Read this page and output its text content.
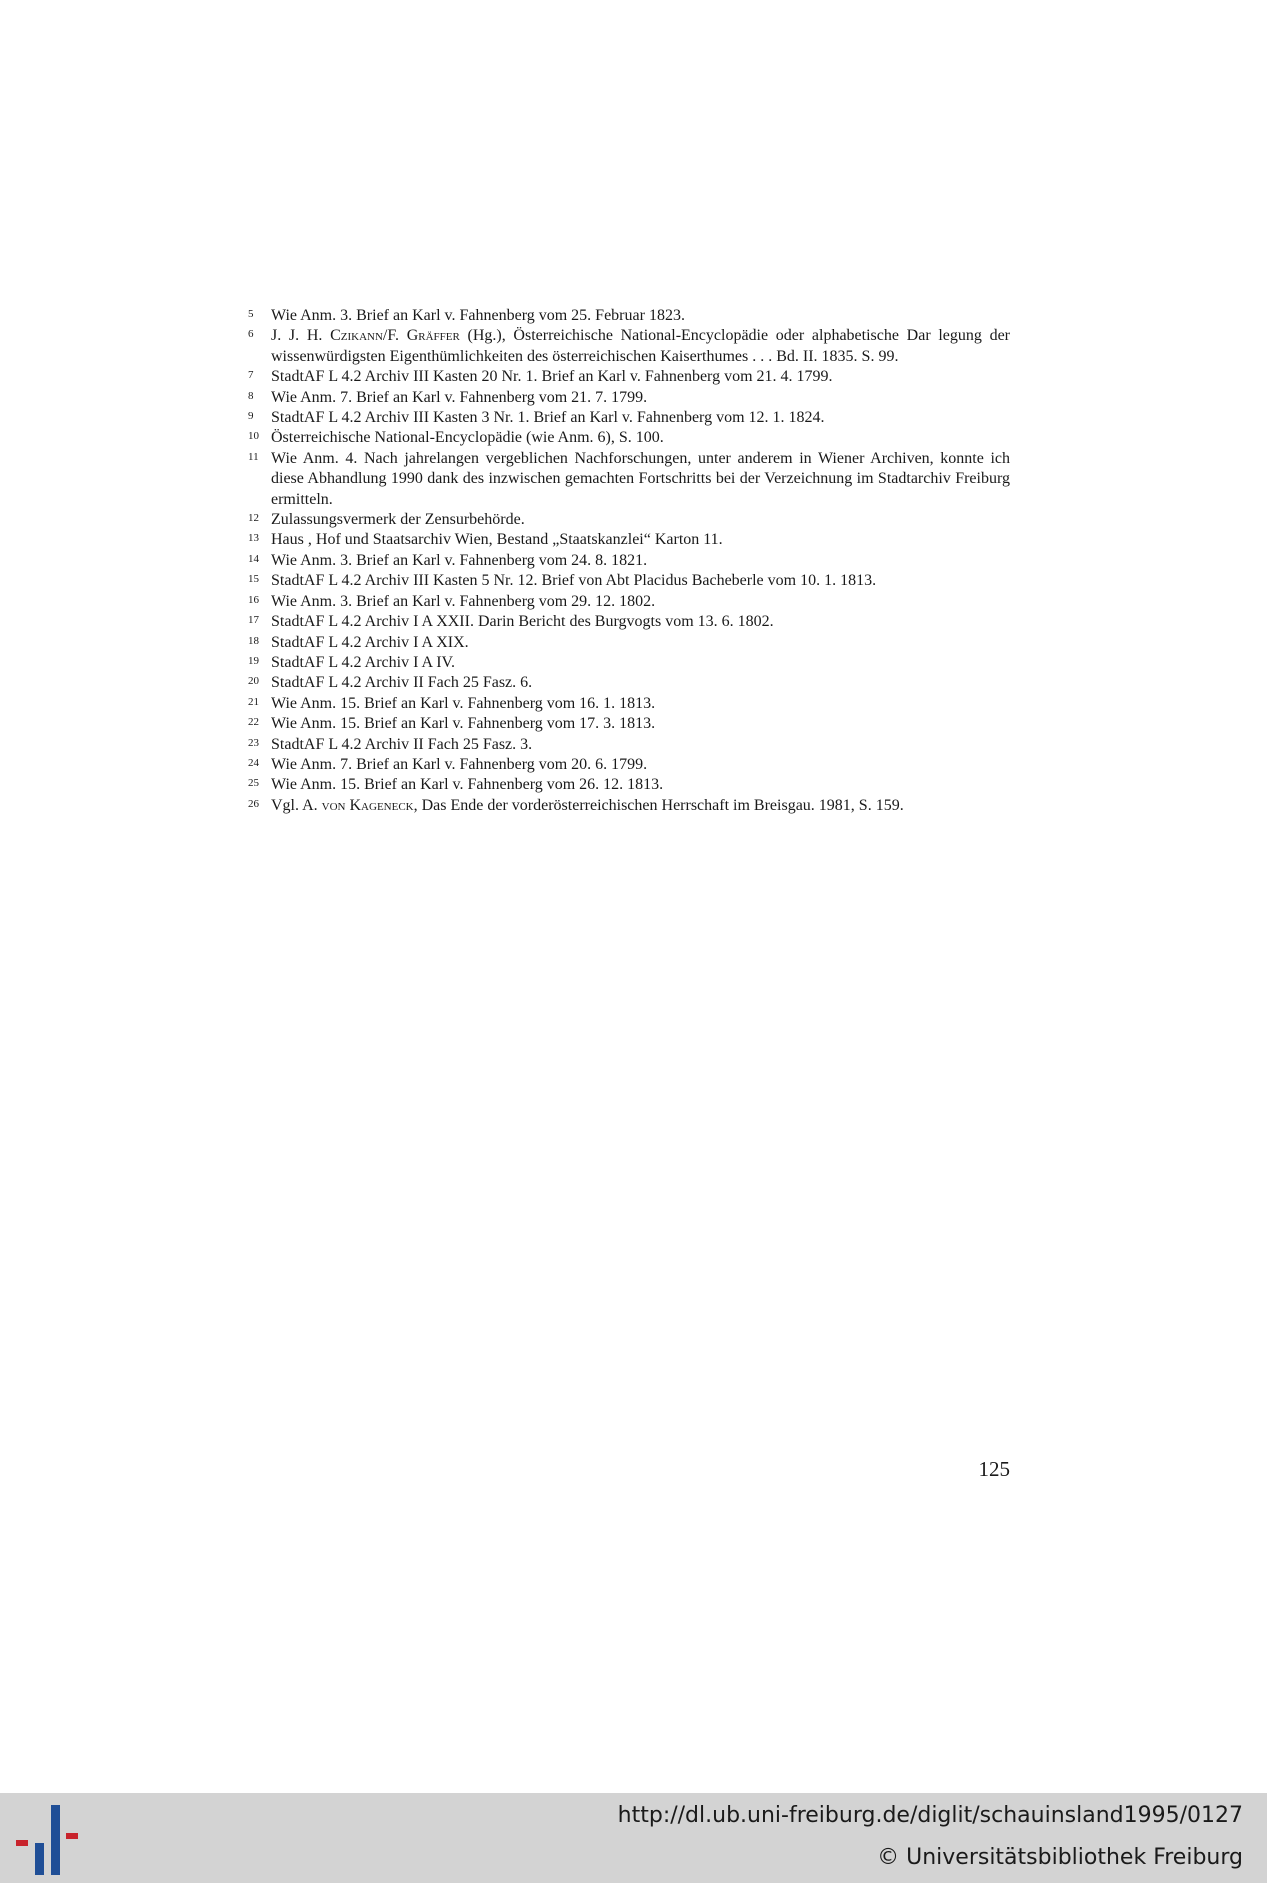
5	Wie Anm. 3. Brief an Karl v. Fahnenberg vom 25. Februar 1823.
6	J. J. H. Czikann/F. Gräffer (Hg.), Österreichische National-Encyclopädie oder alphabetische Dar legung der wissenwürdigsten Eigenthümlichkeiten des österreichischen Kaiserthumes . . . Bd. II. 1835. S. 99.
7	StadtAF L 4.2 Archiv III Kasten 20 Nr. 1. Brief an Karl v. Fahnenberg vom 21. 4. 1799.
8	Wie Anm. 7. Brief an Karl v. Fahnenberg vom 21. 7. 1799.
9	StadtAF L 4.2 Archiv III Kasten 3 Nr. 1. Brief an Karl v. Fahnenberg vom 12. 1. 1824.
10 Österreichische National-Encyclopädie (wie Anm. 6), S. 100.
11 Wie Anm. 4. Nach jahrelangen vergeblichen Nachforschungen, unter anderem in Wiener Archiven, konnte ich diese Abhandlung 1990 dank des inzwischen gemachten Fortschritts bei der Verzeichnung im Stadtarchiv Freiburg ermitteln.
12 Zulassungsvermerk der Zensurbehörde.
13 Haus , Hof und Staatsarchiv Wien, Bestand „Staatskanzlei“ Karton 11.
14 Wie Anm. 3. Brief an Karl v. Fahnenberg vom 24. 8. 1821.
15 StadtAF L 4.2 Archiv III Kasten 5 Nr. 12. Brief von Abt Placidus Bacheberle vom 10. 1. 1813.
16 Wie Anm. 3. Brief an Karl v. Fahnenberg vom 29. 12. 1802.
17 StadtAF L 4.2 Archiv I A XXII. Darin Bericht des Burgvogts vom 13. 6. 1802.
18 StadtAF L 4.2 Archiv I A XIX.
19 StadtAF L 4.2 Archiv I A IV.
20 StadtAF L 4.2 Archiv II Fach 25 Fasz. 6.
21 Wie Anm. 15. Brief an Karl v. Fahnenberg vom 16. 1. 1813.
22 Wie Anm. 15. Brief an Karl v. Fahnenberg vom 17. 3. 1813.
23 StadtAF L 4.2 Archiv II Fach 25 Fasz. 3.
24 Wie Anm. 7. Brief an Karl v. Fahnenberg vom 20. 6. 1799.
25 Wie Anm. 15. Brief an Karl v. Fahnenberg vom 26. 12. 1813.
26 Vgl. A. von Kageneck, Das Ende der vorderösterreichischen Herrschaft im Breisgau. 1981, S. 159.
125
http://dl.ub.uni-freiburg.de/diglit/schauinsland1995/0127
© Universitätsbibliothek Freiburg
